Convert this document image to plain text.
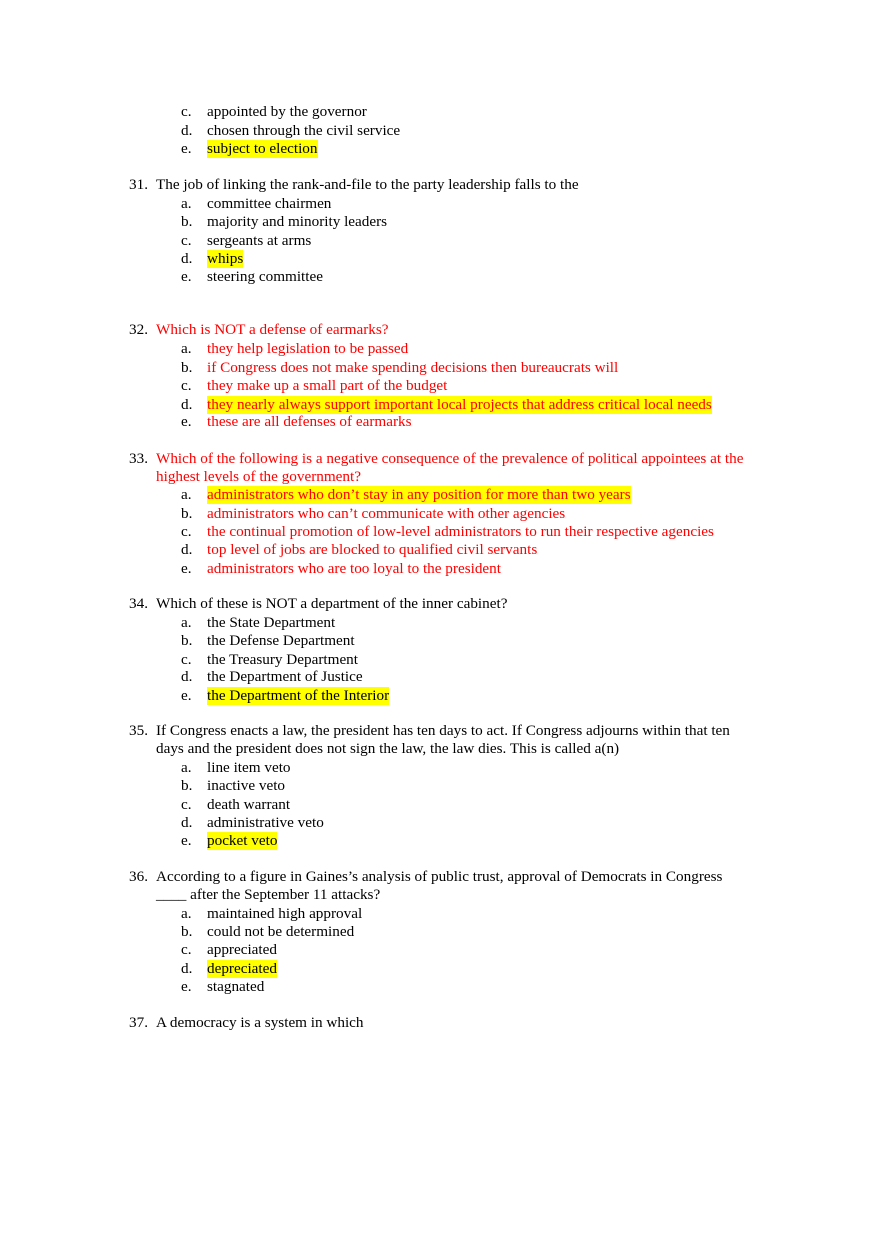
c. appointed by the governor
d. chosen through the civil service
e. subject to election
31. The job of linking the rank-and-file to the party leadership falls to the
a. committee chairmen
b. majority and minority leaders
c. sergeants at arms
d. whips
e. steering committee
32. Which is NOT a defense of earmarks?
a. they help legislation to be passed
b. if Congress does not make spending decisions then bureaucrats will
c. they make up a small part of the budget
d. they nearly always support important local projects that address critical local needs
e. these are all defenses of earmarks
33. Which of the following is a negative consequence of the prevalence of political appointees at the
highest levels of the government?
a. administrators who don’t stay in any position for more than two years
b. administrators who can’t communicate with other agencies
c. the continual promotion of low-level administrators to run their respective agencies
d. top level of jobs are blocked to qualified civil servants
e. administrators who are too loyal to the president
34. Which of these is NOT a department of the inner cabinet?
a. the State Department
b. the Defense Department
c. the Treasury Department
d. the Department of Justice
e. the Department of the Interior
35. If Congress enacts a law, the president has ten days to act. If Congress adjourns within that ten
days and the president does not sign the law, the law dies. This is called a(n)
a. line item veto
b. inactive veto
c. death warrant
d. administrative veto
e. pocket veto
36. According to a figure in Gaines’s analysis of public trust, approval of Democrats in Congress
____ after the September 11 attacks?
a. maintained high approval
b. could not be determined
c. appreciated
d. depreciated
e. stagnated
37. A democracy is a system in which
